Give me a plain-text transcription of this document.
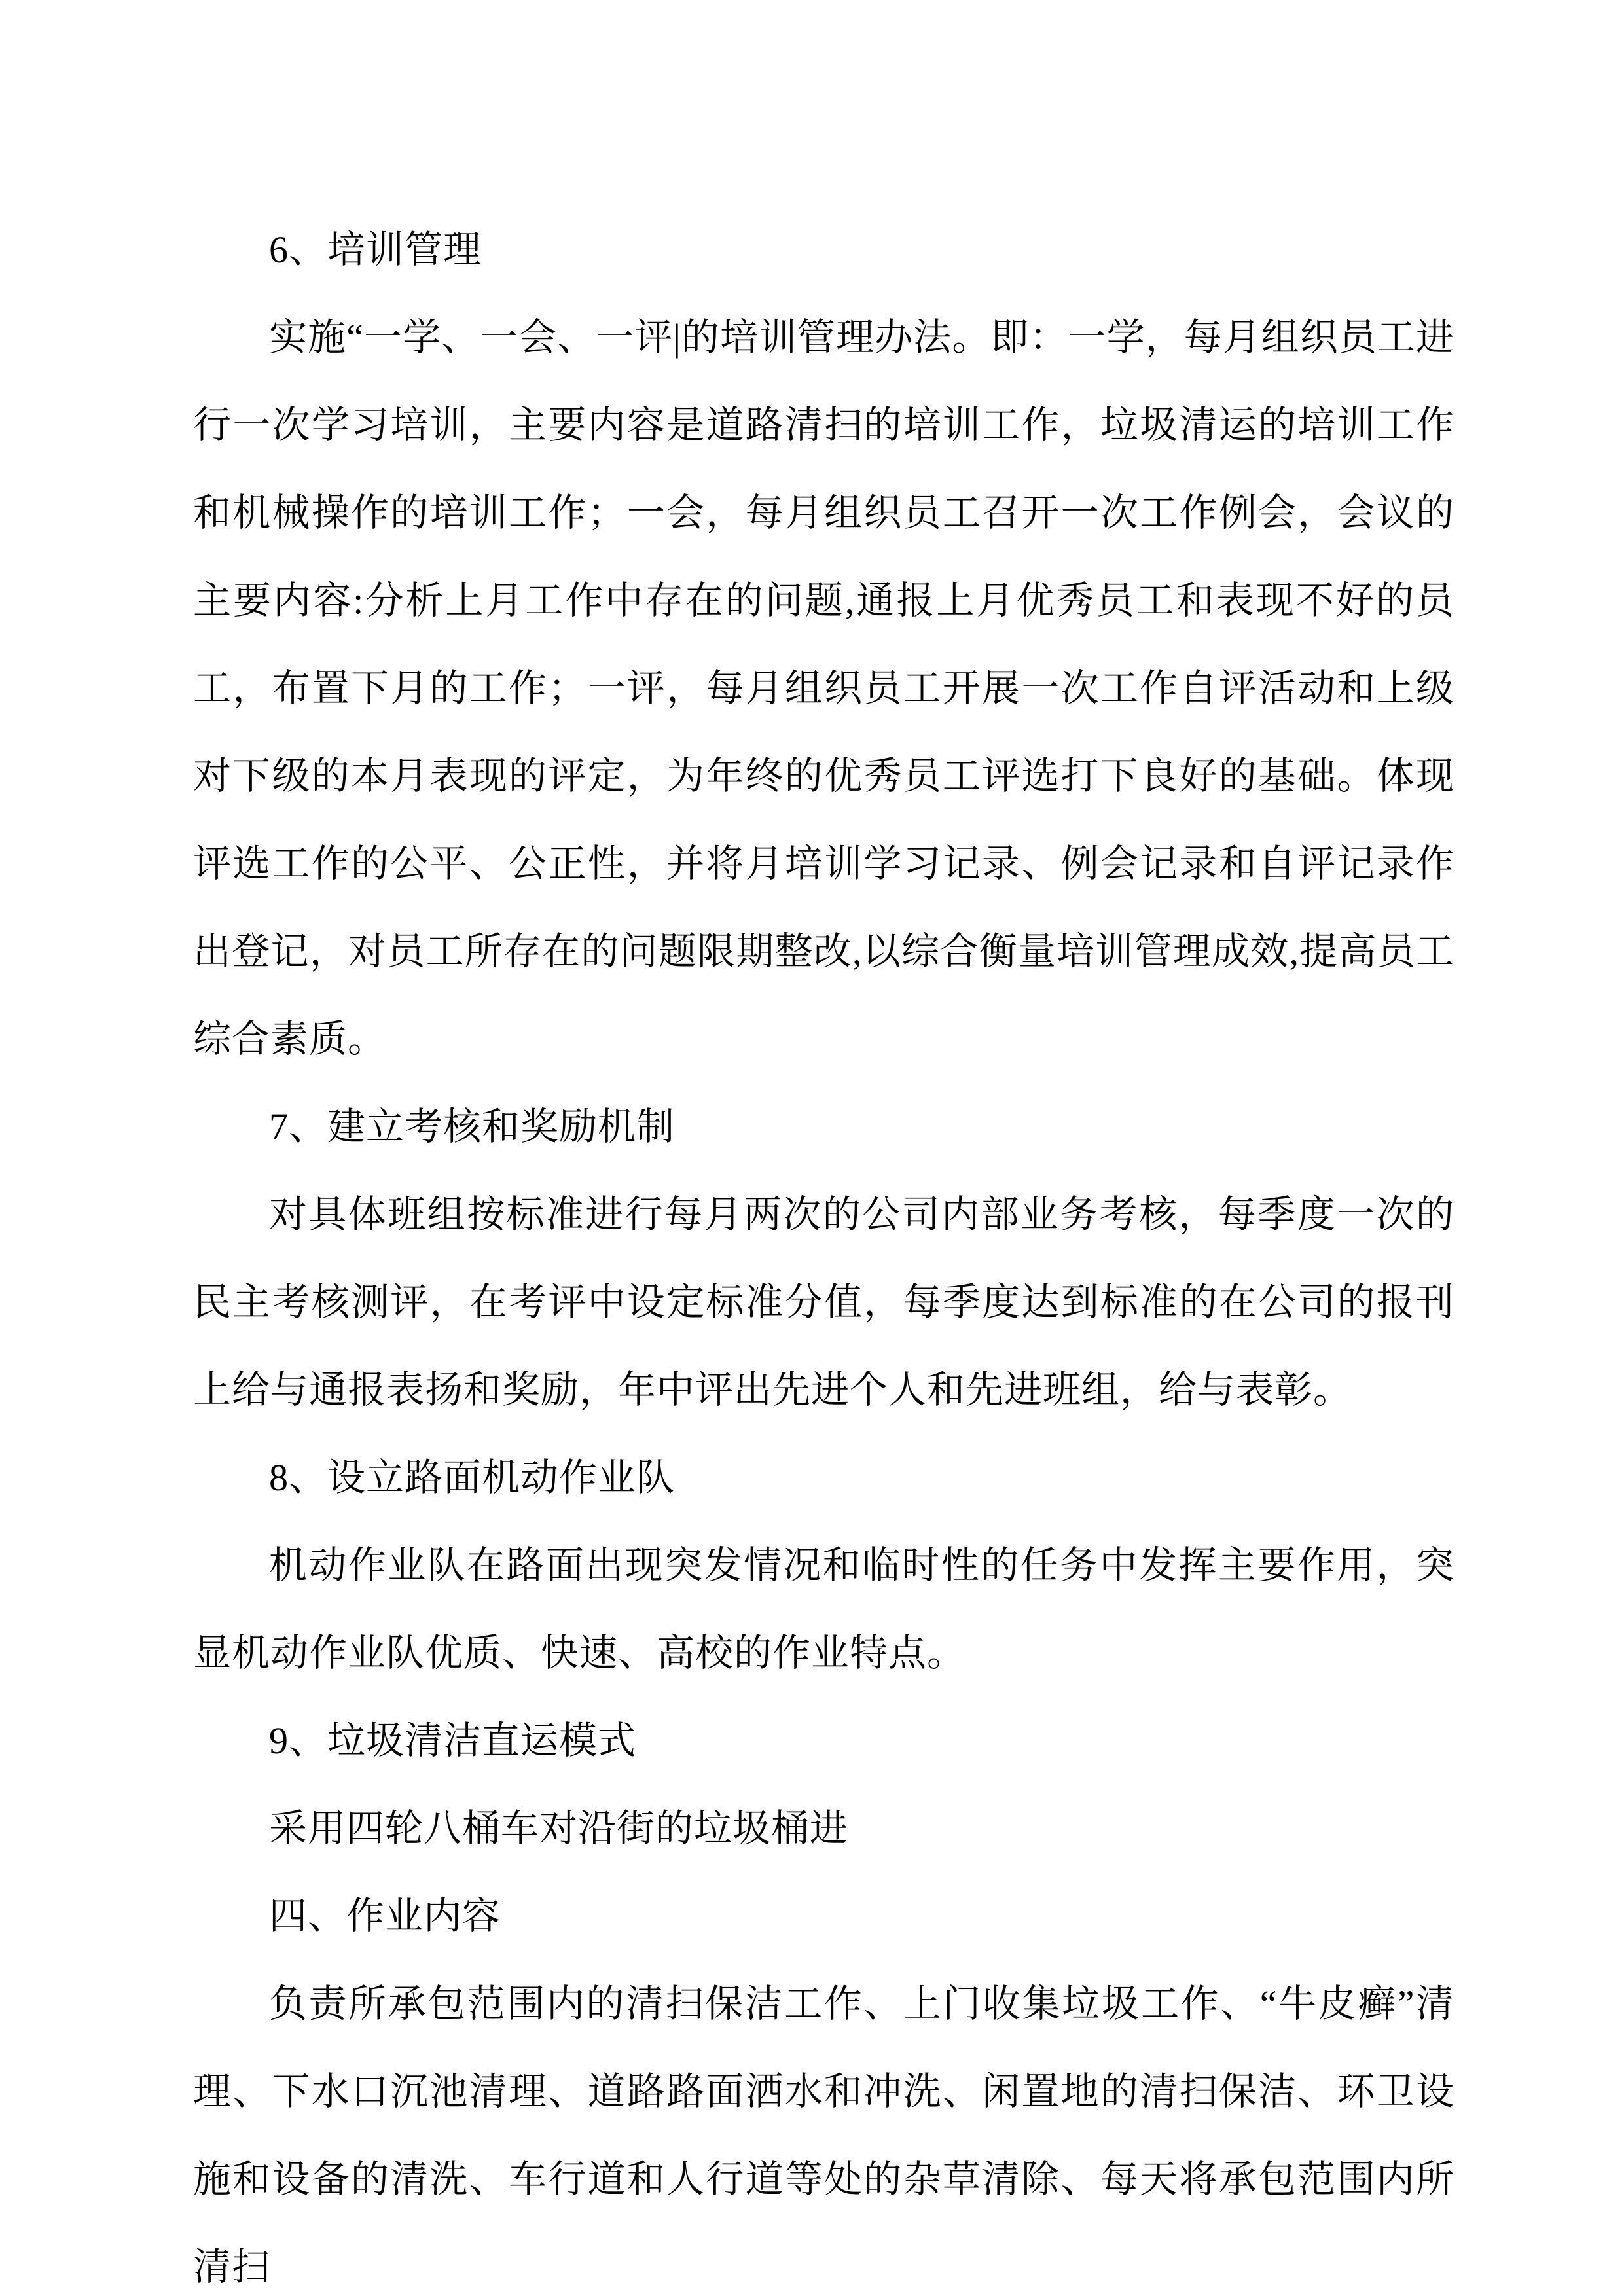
6、培训管理

实施“一学、一会、一评|的培训管理办法。即：一学，每月组织员工进行一次学习培训，主要内容是道路清扫的培训工作，垃圾清运的培训工作和机械操作的培训工作；一会，每月组织员工召开一次工作例会，会议的主要内容:分析上月工作中存在的问题,通报上月优秀员工和表现不好的员工，布置下月的工作；一评，每月组织员工开展一次工作自评活动和上级对下级的本月表现的评定，为年终的优秀员工评选打下良好的基础。体现评选工作的公平、公正性，并将月培训学习记录、例会记录和自评记录作出登记，对员工所存在的问题限期整改,以综合衡量培训管理成效,提高员工综合素质。

7、建立考核和奖励机制

对具体班组按标准进行每月两次的公司内部业务考核，每季度一次的民主考核测评，在考评中设定标准分值，每季度达到标准的在公司的报刊上给与通报表扬和奖励，年中评出先进个人和先进班组，给与表彰。

8、设立路面机动作业队

机动作业队在路面出现突发情况和临时性的任务中发挥主要作用，突显机动作业队优质、快速、高校的作业特点。

9、垃圾清洁直运模式

采用四轮八桶车对沿街的垃圾桶进

四、作业内容

负责所承包范围内的清扫保洁工作、上门收集垃圾工作、“牛皮癣”清理、下水口沉池清理、道路路面洒水和冲洗、闲置地的清扫保洁、环卫设施和设备的清洗、车行道和人行道等处的杂草清除、每天将承包范围内所清扫
